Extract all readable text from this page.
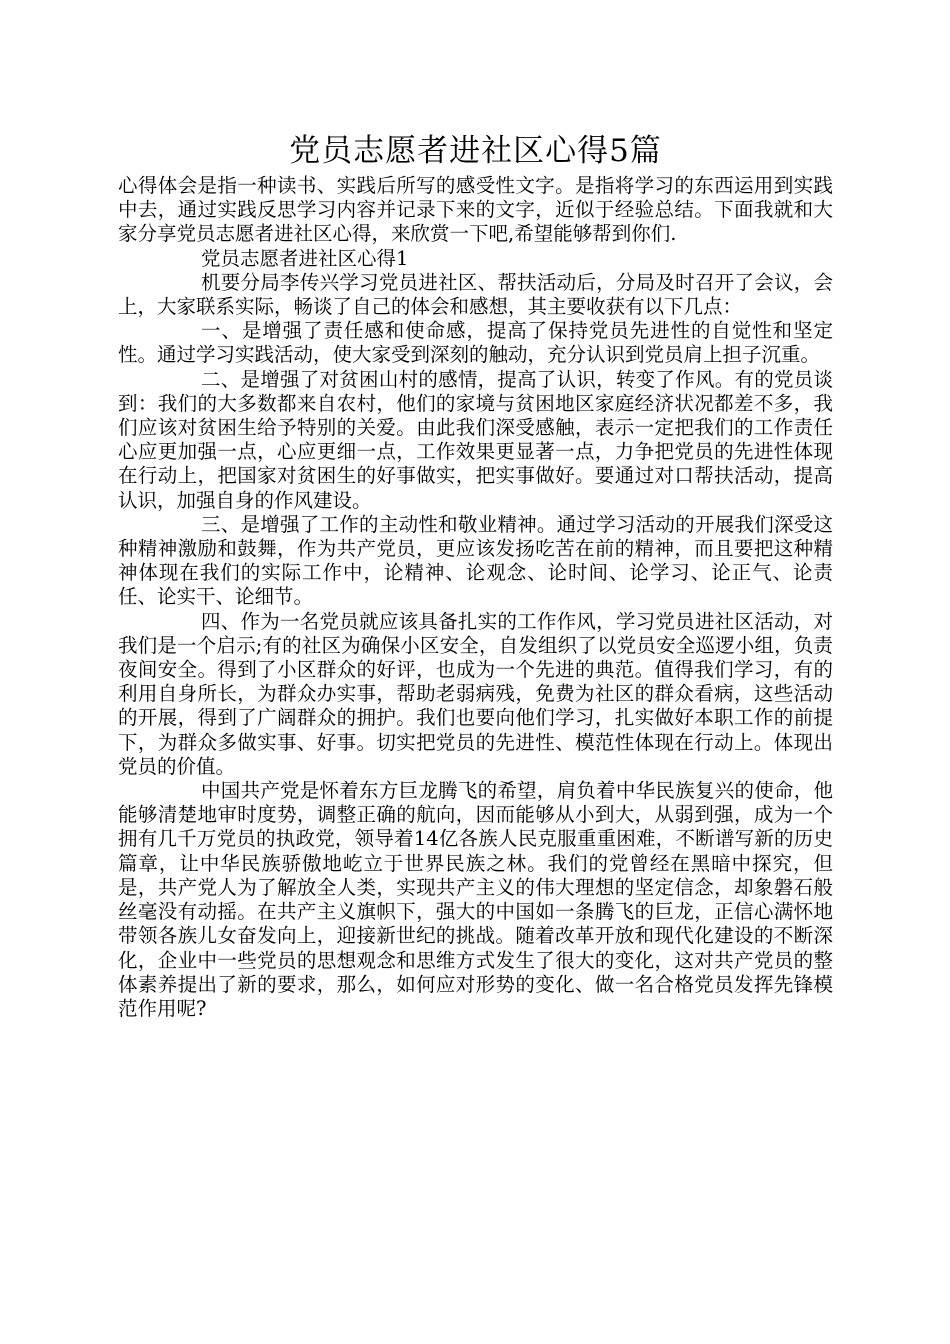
党员志愿者进社区心得5篇

心得体会是指一种读书、实践后所写的感受性文字。是指将学习的东西运用到实践中去，通过实践反思学习内容并记录下来的文字，近似于经验总结。下面我就和大家分享党员志愿者进社区心得，来欣赏一下吧,希望能够帮到你们.

党员志愿者进社区心得1

机要分局李传兴学习党员进社区、帮扶活动后，分局及时召开了会议，会上，大家联系实际，畅谈了自己的体会和感想，其主要收获有以下几点：

一、是增强了责任感和使命感，提高了保持党员先进性的自觉性和坚定性。通过学习实践活动，使大家受到深刻的触动，充分认识到党员肩上担子沉重。

二、是增强了对贫困山村的感情，提高了认识，转变了作风。有的党员谈到：我们的大多数都来自农村，他们的家境与贫困地区家庭经济状况都差不多，我们应该对贫困生给予特别的关爱。由此我们深受感触，表示一定把我们的工作责任心应更加强一点，心应更细一点，工作效果更显著一点，力争把党员的先进性体现在行动上，把国家对贫困生的好事做实，把实事做好。要通过对口帮扶活动，提高认识，加强自身的作风建设。

三、是增强了工作的主动性和敬业精神。通过学习活动的开展我们深受这种精神激励和鼓舞，作为共产党员，更应该发扬吃苦在前的精神，而且要把这种精神体现在我们的实际工作中，论精神、论观念、论时间、论学习、论正气、论责任、论实干、论细节。

四、作为一名党员就应该具备扎实的工作作风，学习党员进社区活动，对我们是一个启示;有的社区为确保小区安全，自发组织了以党员安全巡逻小组，负责夜间安全。得到了小区群众的好评，也成为一个先进的典范。值得我们学习，有的利用自身所长，为群众办实事，帮助老弱病残，免费为社区的群众看病，这些活动的开展，得到了广阔群众的拥护。我们也要向他们学习，扎实做好本职工作的前提下，为群众多做实事、好事。切实把党员的先进性、模范性体现在行动上。体现出党员的价值。

中国共产党是怀着东方巨龙腾飞的希望，肩负着中华民族复兴的使命，他能够清楚地审时度势，调整正确的航向，因而能够从小到大，从弱到强，成为一个拥有几千万党员的执政党，领导着14亿各族人民克服重重困难，不断谱写新的历史篇章，让中华民族骄傲地屹立于世界民族之林。我们的党曾经在黑暗中探究，但是，共产党人为了解放全人类，实现共产主义的伟大理想的坚定信念，却象磐石般丝毫没有动摇。在共产主义旗帜下，强大的中国如一条腾飞的巨龙，正信心满怀地带领各族儿女奋发向上，迎接新世纪的挑战。随着改革开放和现代化建设的不断深化，企业中一些党员的思想观念和思维方式发生了很大的变化，这对共产党员的整体素养提出了新的要求，那么，如何应对形势的变化、做一名合格党员发挥先锋模范作用呢?
